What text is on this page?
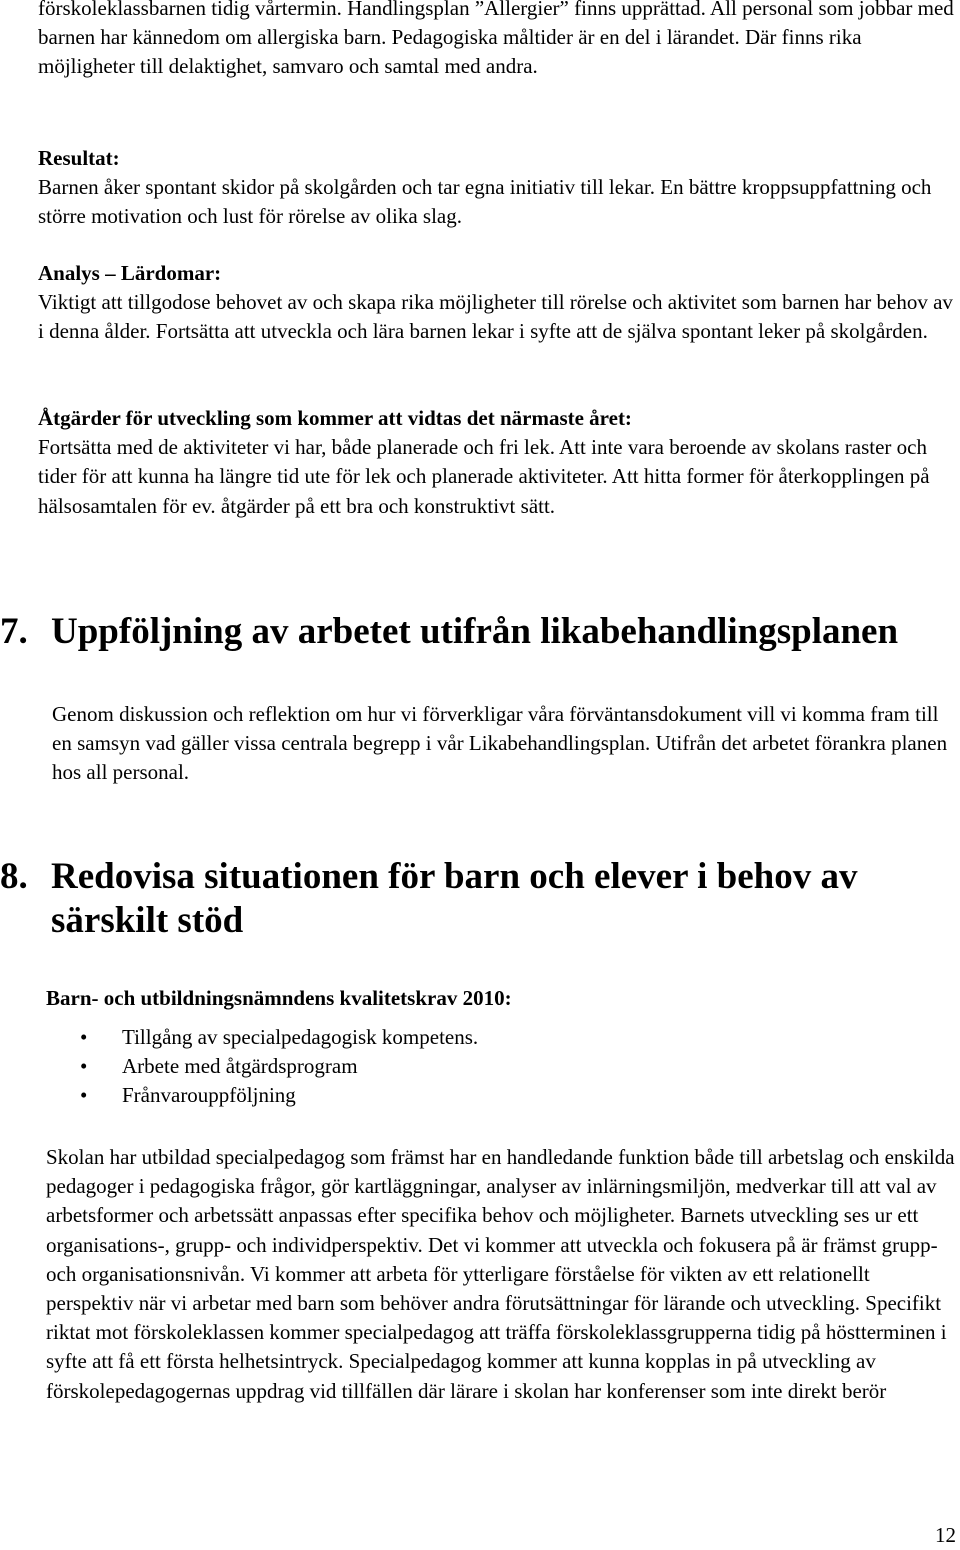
förskoleklassbarnen tidig vårtermin. Handlingsplan ”Allergier” finns upprättad. All personal som jobbar med barnen har kännedom om allergiska barn. Pedagogiska måltider är en del i lärandet. Där finns rika möjligheter till delaktighet, samvaro och samtal med andra.

Resultat:
Barnen åker spontant skidor på skolgården och tar egna initiativ till lekar. En bättre kroppsuppfattning och större motivation och lust för rörelse av olika slag.
Analys – Lärdomar:
Viktigt att tillgodose behovet av och skapa rika möjligheter till rörelse och aktivitet som barnen har behov av i denna ålder. Fortsätta att utveckla och lära barnen lekar i syfte att de själva spontant leker på skolgården.
Åtgärder för utveckling som kommer att vidtas det närmaste året:
Fortsätta med de aktiviteter vi har, både planerade och fri lek. Att inte vara beroende av skolans raster och tider för att kunna ha längre tid ute för lek och planerade aktiviteter. Att hitta former för återkopplingen på hälsosamtalen för ev. åtgärder på ett bra och konstruktivt sätt.
7. Uppföljning av arbetet utifrån likabehandlingsplanen

Genom diskussion och reflektion om hur vi förverkligar våra förväntansdokument vill vi komma fram till en samsyn vad gäller vissa centrala begrepp i vår Likabehandlingsplan. Utifrån det arbetet förankra planen hos all personal.

8. Redovisa situationen för barn och elever i behov av särskilt stöd

Barn- och utbildningsnämndens kvalitetskrav 2010:

• Tillgång av specialpedagogisk kompetens.
• Arbete med åtgärdsprogram
• Frånvarouppföljning

Skolan har utbildad specialpedagog som främst har en handledande funktion både till arbetslag och enskilda pedagoger i pedagogiska frågor, gör kartläggningar, analyser av inlärningsmiljön, medverkar till att val av arbetsformer och arbetssätt anpassas efter specifika behov och möjligheter. Barnets utveckling ses ur ett organisations-, grupp- och individperspektiv. Det vi kommer att utveckla och fokusera på är främst grupp- och organisationsnivån. Vi kommer att arbeta för ytterligare förståelse för vikten av ett relationellt perspektiv när vi arbetar med barn som behöver andra förutsättningar för lärande och utveckling. Specifikt riktat mot förskoleklassen kommer specialpedagog att träffa förskoleklassgrupperna tidig på höstterminen i syfte att få ett första helhetsintryck. Specialpedagog kommer att kunna kopplas in på utveckling av förskolepedagogernas uppdrag vid tillfällen där lärare i skolan har konferenser som inte direkt berör

12
